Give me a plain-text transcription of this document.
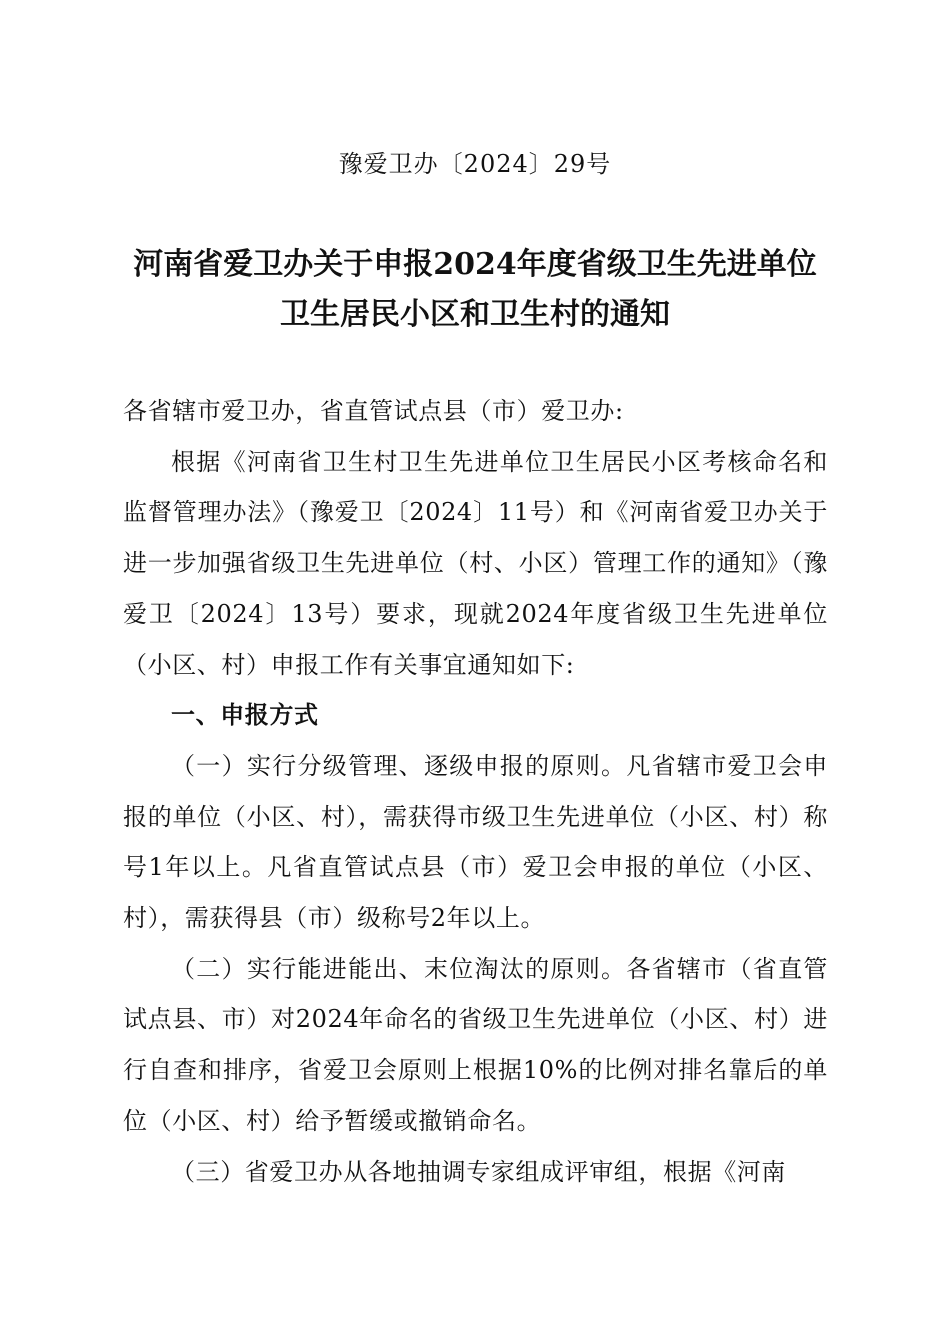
豫爱卫办〔2024〕29号
河南省爱卫办关于申报2024年度省级卫生先进单位
卫生居民小区和卫生村的通知

各省辖市爱卫办，省直管试点县（市）爱卫办:

根据《河南省卫生村卫生先进单位卫生居民小区考核命名和监督管理办法》（豫爱卫〔2024〕11号）和《河南省爱卫办关于进一步加强省级卫生先进单位（村、小区）管理工作的通知》（豫爱卫〔2024〕13号）要求，现就2024年度省级卫生先进单位（小区、村）申报工作有关事宜通知如下:

一、申报方式

（一）实行分级管理、逐级申报的原则。凡省辖市爱卫会申报的单位（小区、村），需获得市级卫生先进单位（小区、村）称号1年以上。凡省直管试点县（市）爱卫会申报的单位（小区、村），需获得县（市）级称号2年以上。

（二）实行能进能出、末位淘汰的原则。各省辖市（省直管试点县、市）对2024年命名的省级卫生先进单位（小区、村）进行自查和排序，省爱卫会原则上根据10%的比例对排名靠后的单位（小区、村）给予暂缓或撤销命名。

（三）省爱卫办从各地抽调专家组成评审组，根据《河南
